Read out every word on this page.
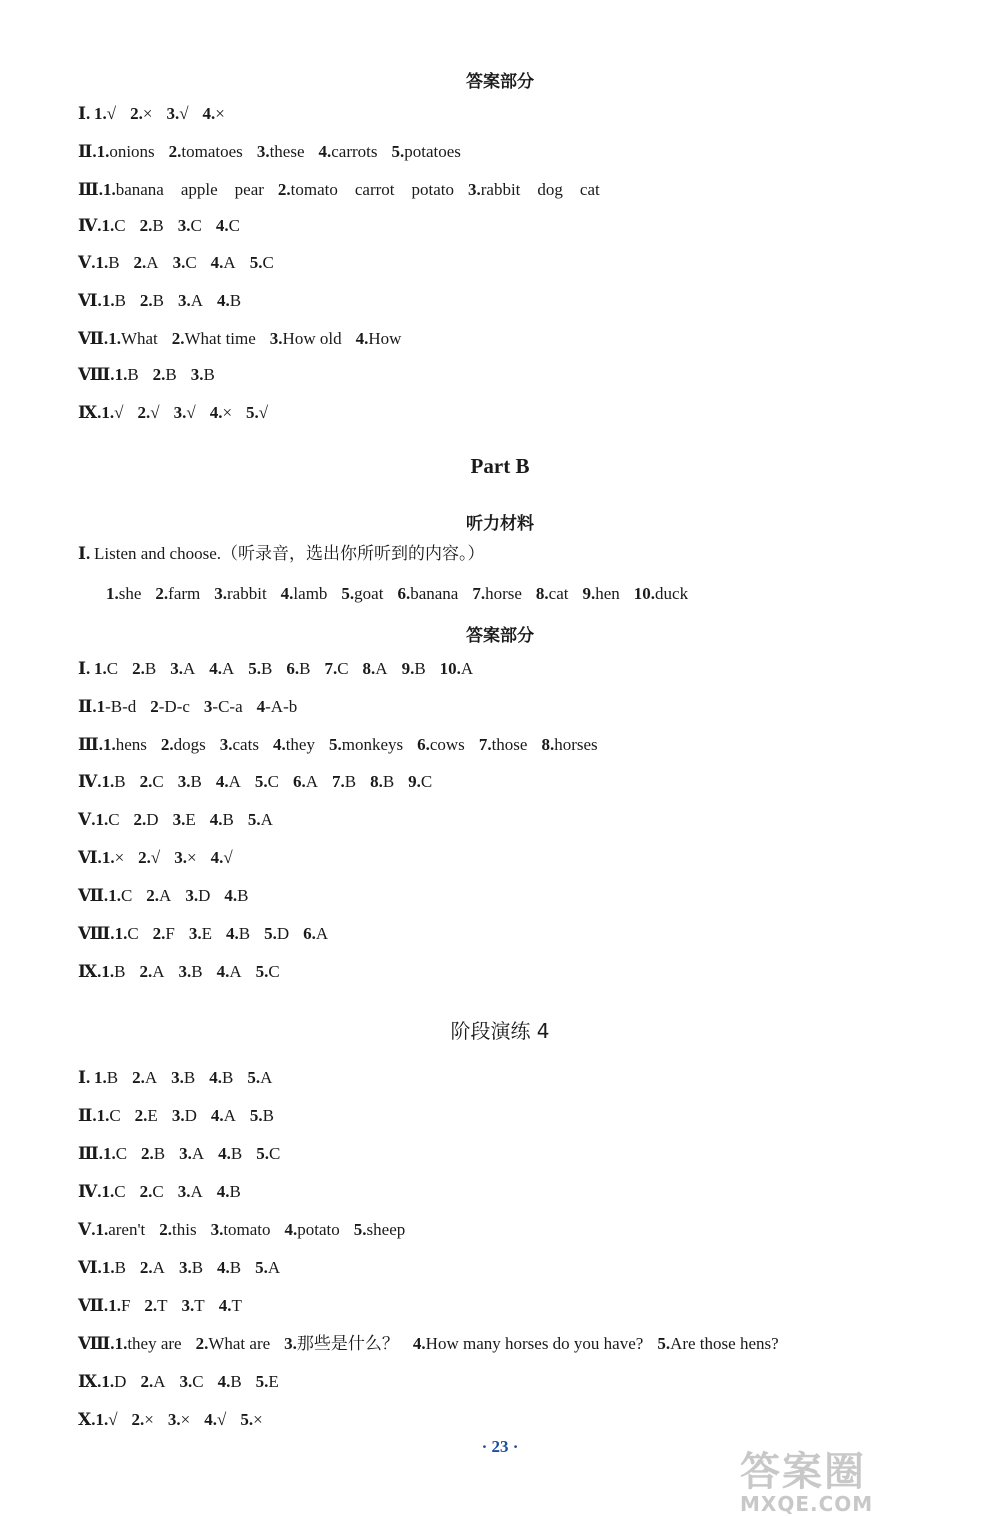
答案部分
Ⅰ. 1.√ 2.× 3.√ 4.×
Ⅱ.1.onions 2.tomatoes 3.these 4.carrots 5.potatoes
Ⅲ.1.banana　apple　pear 2.tomato　carrot　potato 3.rabbit　dog　cat
Ⅳ.1.C 2.B 3.C 4.C
Ⅴ.1.B 2.A 3.C 4.A 5.C
Ⅵ.1.B 2.B 3.A 4.B
Ⅶ.1.What 2.What time 3.How old 4.How
Ⅷ.1.B 2.B 3.B
Ⅸ.1.√ 2.√ 3.√ 4.× 5.√
Part B
听力材料
Ⅰ. Listen and choose.（听录音，选出你所听到的内容。）
1.she 2.farm 3.rabbit 4.lamb 5.goat 6.banana 7.horse 8.cat 9.hen 10.duck
答案部分
Ⅰ. 1.C 2.B 3.A 4.A 5.B 6.B 7.C 8.A 9.B 10.A
Ⅱ.1-B-d 2-D-c 3-C-a 4-A-b
Ⅲ.1.hens 2.dogs 3.cats 4.they 5.monkeys 6.cows 7.those 8.horses
Ⅳ.1.B 2.C 3.B 4.A 5.C 6.A 7.B 8.B 9.C
Ⅴ.1.C 2.D 3.E 4.B 5.A
Ⅵ.1.× 2.√ 3.× 4.√
Ⅶ.1.C 2.A 3.D 4.B
Ⅷ.1.C 2.F 3.E 4.B 5.D 6.A
Ⅸ.1.B 2.A 3.B 4.A 5.C
阶段演练 4
Ⅰ. 1.B 2.A 3.B 4.B 5.A
Ⅱ.1.C 2.E 3.D 4.A 5.B
Ⅲ.1.C 2.B 3.A 4.B 5.C
Ⅳ.1.C 2.C 3.A 4.B
Ⅴ.1.aren't 2.this 3.tomato 4.potato 5.sheep
Ⅵ.1.B 2.A 3.B 4.B 5.A
Ⅶ.1.F 2.T 3.T 4.T
Ⅷ.1.they are 2.What are 3.那些是什么？ 4.How many horses do you have? 5.Are those hens?
Ⅸ.1.D 2.A 3.C 4.B 5.E
Ⅹ.1.√ 2.× 3.× 4.√ 5.×
· 23 ·
答案圈
MXQE.COM
